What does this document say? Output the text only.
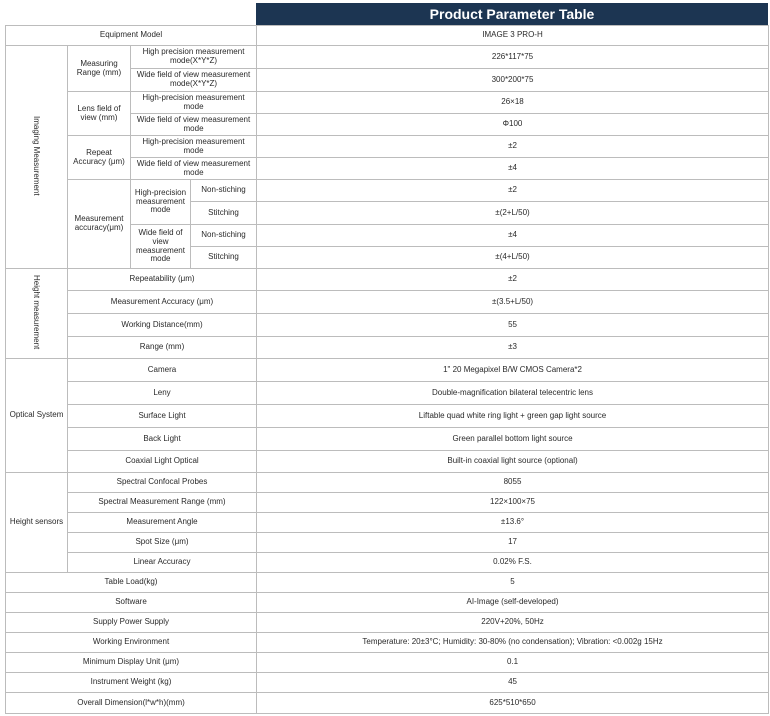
Product Parameter Table
Equipment Model				IMAGE 3 PRO-H
Imaging Measurement	Measuring Range (mm)	High precision measurement mode(X*Y*Z)		226*117*75
		Wide field of view measurement mode(X*Y*Z)		300*200*75
	Lens field of view (mm)	High-precision measurement mode		26×18
		Wide field of view measurement mode		Φ100
	Repeat Accuracy (μm)	High-precision measurement mode		±2
		Wide field of view measurement mode		±4
	Measurement accuracy(μm)	High-precision measurement mode	Non-stiching	±2
			Stitching	±(2+L/50)
		Wide field of view measurement mode	Non-stiching	±4
			Stitching	±(4+L/50)
Height measurement	Repeatability (μm)			±2
	Measurement Accuracy (μm)			±(3.5+L/50)
	Working Distance(mm)			55
	Range (mm)			±3
Optical System	Camera			1" 20 Megapixel B/W CMOS Camera*2
	Leny			Double-magnification bilateral telecentric lens
	Surface Light			Liftable quad white ring light + green gap light source
	Back Light			Green parallel bottom light source
	Coaxial Light Optical			Built-in coaxial light source (optional)
Height sensors	Spectral Confocal Probes			8055
	Spectral Measurement Range (mm)			122×100×75
	Measurement Angle			±13.6°
	Spot Size (μm)			17
	Linear Accuracy			0.02% F.S.
Table Load(kg)				5
Software				AI-Image (self-developed)
Supply Power Supply				220V+20%, 50Hz
Working Environment				Temperature: 20±3°C; Humidity: 30-80% (no condensation); Vibration: <0.002g 15Hz
Minimum Display Unit (μm)				0.1
Instrument Weight (kg)				45
Overall Dimension(l*w*h)(mm)				625*510*650
